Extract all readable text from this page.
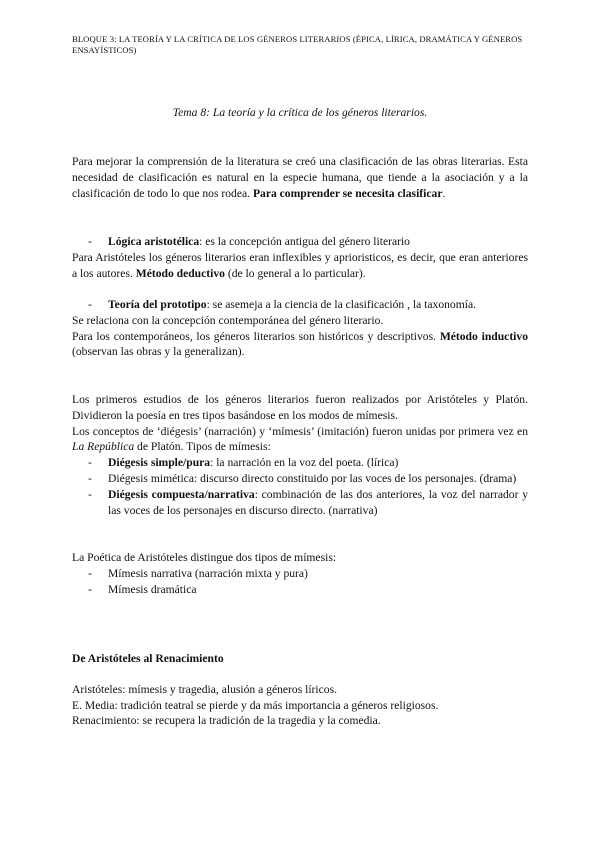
BLOQUE 3: LA TEORÍA Y LA CRÍTICA DE LOS GÉNEROS LITERARIOS (ÉPICA, LÍRICA, DRAMÁTICA Y GÉNEROS ENSAYÍSTICOS)
Tema 8: La teoría y la crítica de los géneros literarios.
Para mejorar la comprensión de la literatura se creó una clasificación de las obras literarias. Esta necesidad de clasificación es natural en la especie humana, que tiende a la asociación y a la clasificación de todo lo que nos rodea. Para comprender se necesita clasificar.

- Lógica aristotélica: es la concepción antigua del género literario

Para Aristóteles los géneros literarios eran inflexibles y aprioristicos, es decir, que eran anteriores a los autores. Método deductivo (de lo general a lo particular).

- Teoría del prototipo: se asemeja a la ciencia de la clasificación , la taxonomía.

Se relaciona con la concepción contemporánea del género literario.

Para los contemporáneos, los géneros literarios son históricos y descriptivos. Método inductivo (observan las obras y la generalizan).

Los primeros estudios de los géneros literarios fueron realizados por Aristóteles y Platón. Dividieron la poesía en tres tipos basándose en los modos de mímesis.

Los conceptos de ‘diégesis’ (narración) y ‘mímesis’ (imitación) fueron unidas por primera vez en La República de Platón. Tipos de mímesis:

- Diégesis simple/pura: la narración en la voz del poeta. (lírica)

- Diégesis mimética: discurso directo constituido por las voces de los personajes. (drama)

- Diégesis compuesta/narrativa: combinación de las dos anteriores, la voz del narrador y las voces de los personajes en discurso directo. (narrativa)

La Poética de Aristóteles distingue dos tipos de mímesis:

- Mímesis narrativa (narración mixta y pura)

- Mímesis dramática

De Aristóteles al Renacimiento

Aristóteles: mímesis y tragedia, alusión a géneros líricos.

E. Media: tradición teatral se pierde y da más importancia a géneros religiosos.

Renacimiento: se recupera la tradición de la tragedia y la comedia.
